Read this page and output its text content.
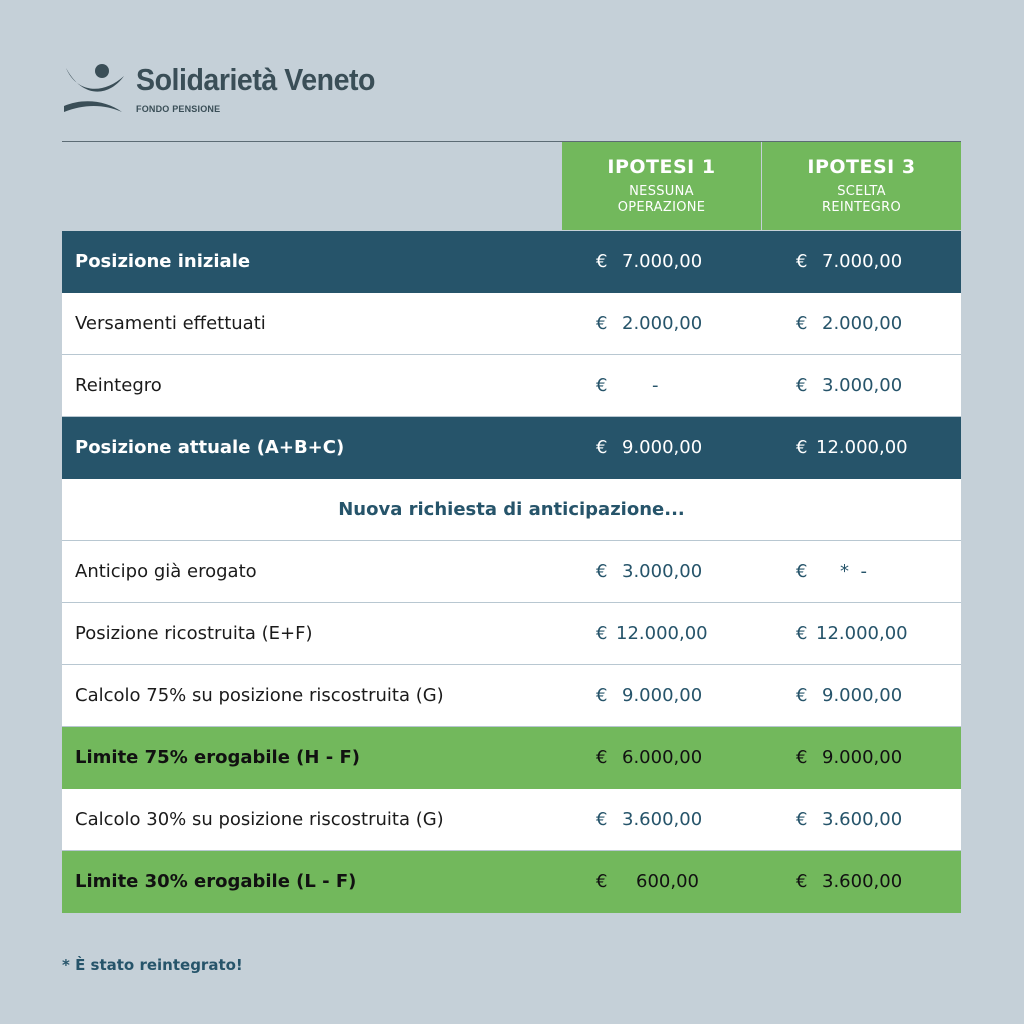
Solidarietà Veneto
FONDO PENSIONE
IPOTESI 1
NESSUNA
OPERAZIONE
IPOTESI 3
SCELTA
REINTEGRO
Posizione iniziale	€ 7.000,00	€ 7.000,00
Versamenti effettuati	€ 2.000,00	€ 2.000,00
Reintegro	€ -	€ 3.000,00
Posizione attuale (A+B+C)	€ 9.000,00	€ 12.000,00
Nuova richiesta di anticipazione...
Anticipo già erogato	€ 3.000,00	€ *  -
Posizione ricostruita (E+F)	€ 12.000,00	€ 12.000,00
Calcolo 75% su posizione riscostruita (G)	€ 9.000,00	€ 9.000,00
Limite 75% erogabile (H - F)	€ 6.000,00	€ 9.000,00
Calcolo 30% su posizione riscostruita (G)	€ 3.600,00	€ 3.600,00
Limite 30% erogabile (L - F)	€ 600,00	€ 3.600,00
* È stato reintegrato!
